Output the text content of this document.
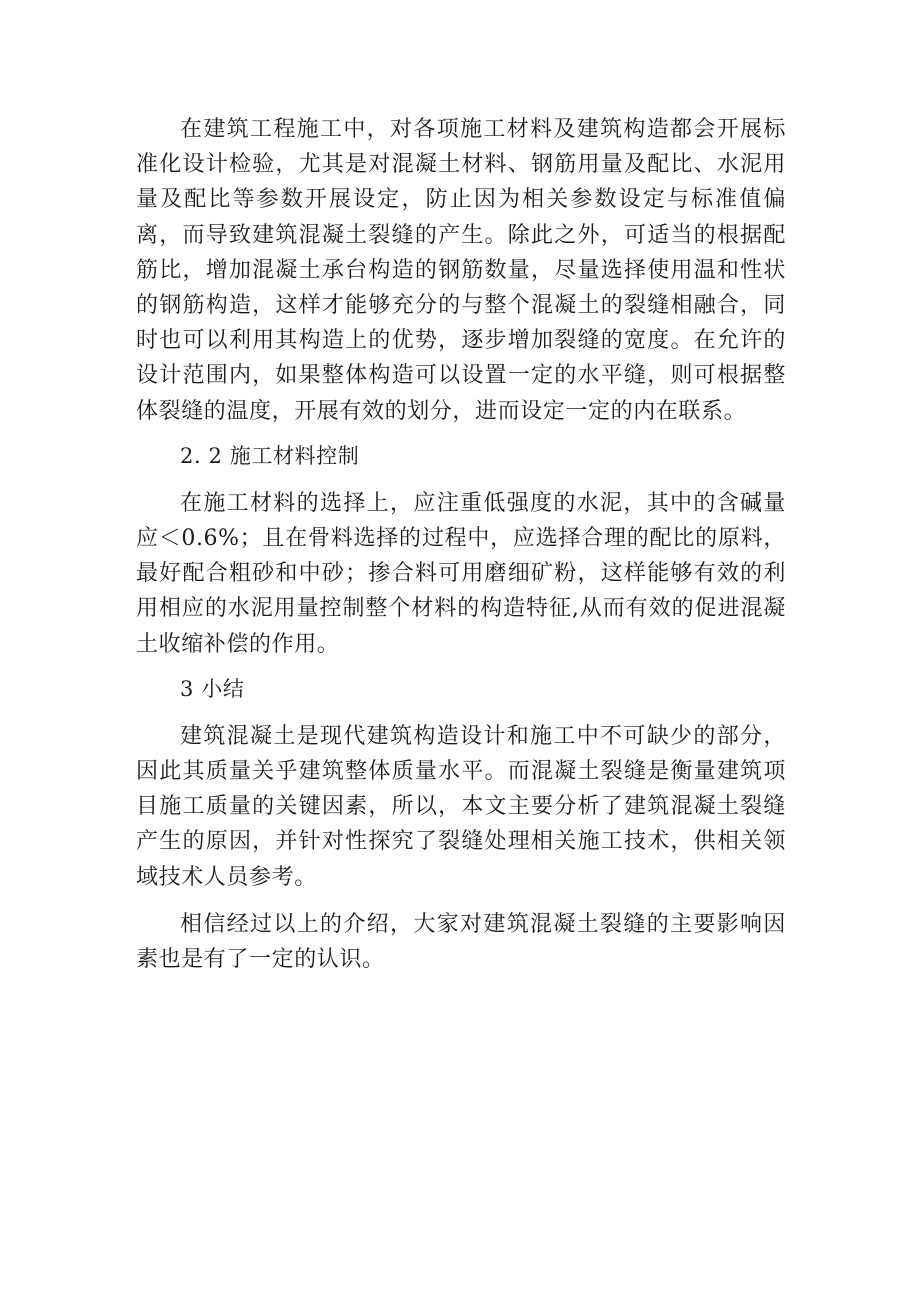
在建筑工程施工中，对各项施工材料及建筑构造都会开展标准化设计检验，尤其是对混凝土材料、钢筋用量及配比、水泥用量及配比等参数开展设定，防止因为相关参数设定与标准值偏离，而导致建筑混凝土裂缝的产生。除此之外，可适当的根据配筋比，增加混凝土承台构造的钢筋数量，尽量选择使用温和性状的钢筋构造，这样才能够充分的与整个混凝土的裂缝相融合，同时也可以利用其构造上的优势，逐步增加裂缝的宽度。在允许的设计范围内，如果整体构造可以设置一定的水平缝，则可根据整体裂缝的温度，开展有效的划分，进而设定一定的内在联系。

2. 2 施工材料控制

在施工材料的选择上，应注重低强度的水泥，其中的含碱量应＜0.6%；且在骨料选择的过程中，应选择合理的配比的原料，最好配合粗砂和中砂；掺合料可用磨细矿粉，这样能够有效的利用相应的水泥用量控制整个材料的构造特征,从而有效的促进混凝土收缩补偿的作用。

3 小结

建筑混凝土是现代建筑构造设计和施工中不可缺少的部分，因此其质量关乎建筑整体质量水平。而混凝土裂缝是衡量建筑项目施工质量的关键因素，所以，本文主要分析了建筑混凝土裂缝产生的原因，并针对性探究了裂缝处理相关施工技术，供相关领域技术人员参考。

相信经过以上的介绍，大家对建筑混凝土裂缝的主要影响因素也是有了一定的认识。
